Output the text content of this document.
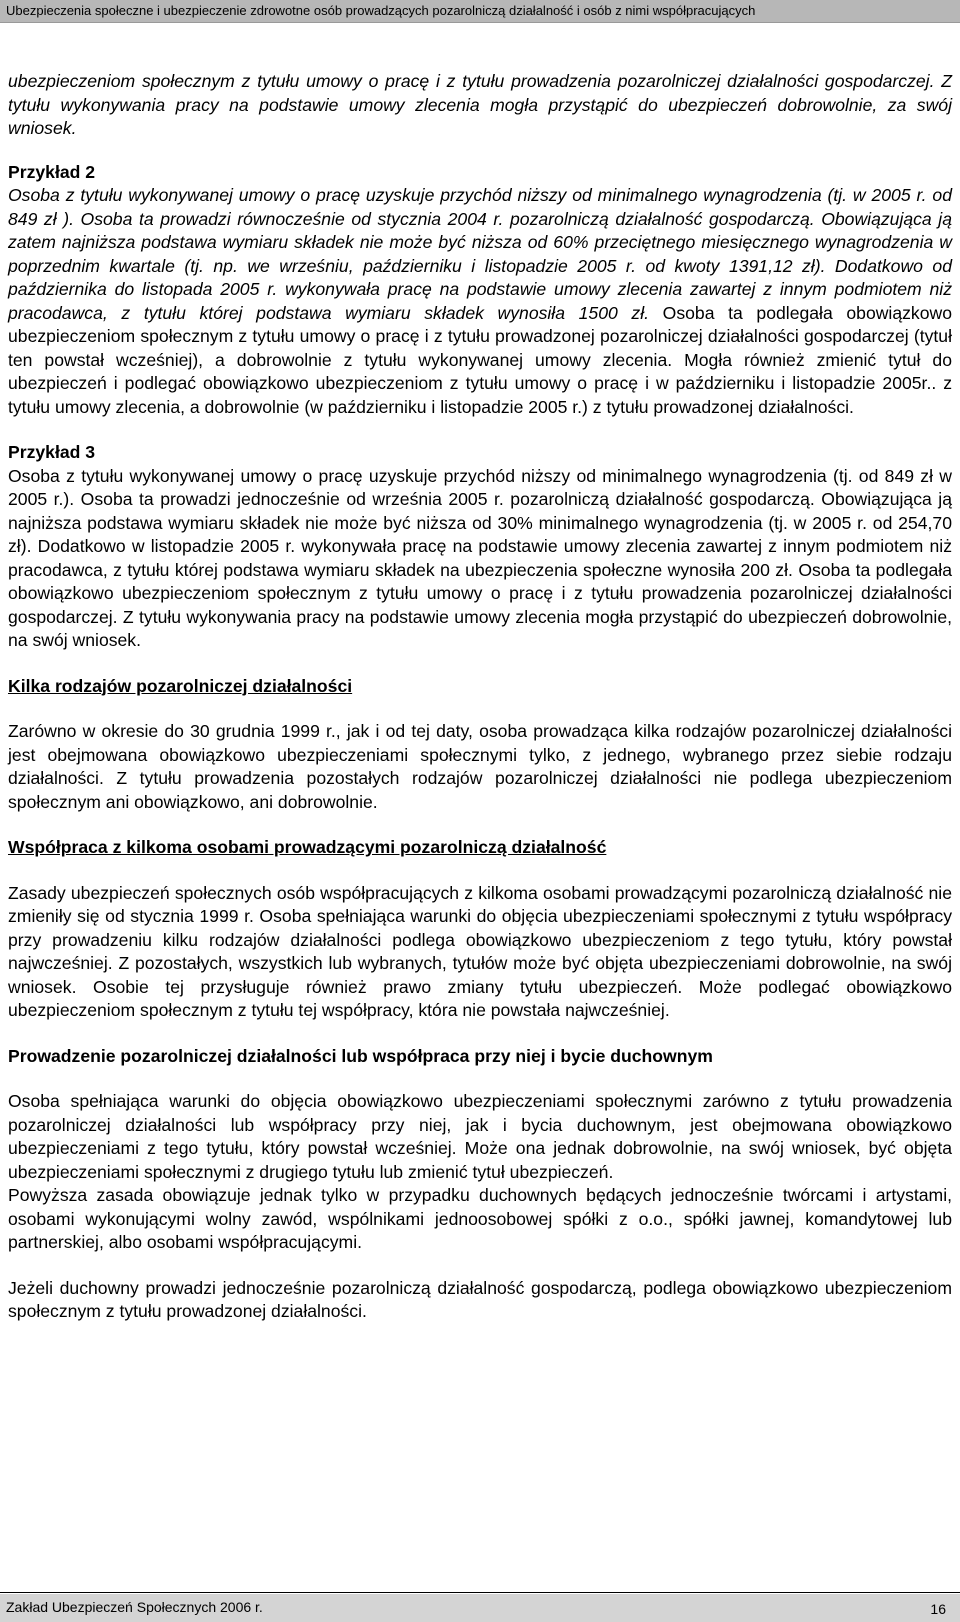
Ubezpieczenia społeczne i ubezpieczenie zdrowotne osób prowadzących pozarolniczą działalność i osób z nimi współpracujących

ubezpieczeniom społecznym z tytułu umowy o pracę i z tytułu prowadzenia pozarolniczej działalności gospodarczej. Z tytułu wykonywania pracy na podstawie umowy zlecenia mogła przystąpić do ubezpieczeń dobrowolnie, za swój wniosek.

Przykład 2

Osoba z tytułu wykonywanej umowy o pracę uzyskuje przychód niższy od minimalnego wynagrodzenia (tj. w 2005 r. od 849 zł ). Osoba ta prowadzi równocześnie od stycznia 2004 r. pozarolniczą działalność gospodarczą. Obowiązująca ją zatem najniższa podstawa wymiaru składek nie może być niższa od 60% przeciętnego miesięcznego wynagrodzenia w poprzednim kwartale (tj. np. we wrześniu, październiku i listopadzie 2005 r. od kwoty 1391,12 zł). Dodatkowo od października do listopada 2005 r. wykonywała pracę na podstawie umowy zlecenia zawartej z innym podmiotem niż pracodawca, z tytułu której podstawa wymiaru składek wynosiła 1500 zł. Osoba ta podlegała obowiązkowo ubezpieczeniom społecznym z tytułu umowy o pracę i z tytułu prowadzonej pozarolniczej działalności gospodarczej (tytuł ten powstał wcześniej), a dobrowolnie z tytułu wykonywanej umowy zlecenia. Mogła również zmienić tytuł do ubezpieczeń i podlegać obowiązkowo ubezpieczeniom z tytułu umowy o pracę i w październiku i listopadzie 2005r.. z tytułu umowy zlecenia, a dobrowolnie (w październiku i listopadzie 2005 r.) z tytułu prowadzonej działalności.

Przykład 3

Osoba z tytułu wykonywanej umowy o pracę uzyskuje przychód niższy od minimalnego wynagrodzenia (tj. od 849 zł w 2005 r.). Osoba ta prowadzi jednocześnie od września 2005 r. pozarolniczą działalność gospodarczą. Obowiązująca ją najniższa podstawa wymiaru składek nie może być niższa od 30% minimalnego wynagrodzenia (tj. w 2005 r. od 254,70 zł). Dodatkowo w listopadzie 2005 r. wykonywała pracę na podstawie umowy zlecenia zawartej z innym podmiotem niż pracodawca, z tytułu której podstawa wymiaru składek na ubezpieczenia społeczne wynosiła 200 zł. Osoba ta podlegała obowiązkowo ubezpieczeniom społecznym z tytułu umowy o pracę i z tytułu prowadzenia pozarolniczej działalności gospodarczej. Z tytułu wykonywania pracy na podstawie umowy zlecenia mogła przystąpić do ubezpieczeń dobrowolnie, na swój wniosek.

Kilka rodzajów pozarolniczej działalności

Zarówno w okresie do 30 grudnia 1999 r., jak i od tej daty, osoba prowadząca kilka rodzajów pozarolniczej działalności jest obejmowana obowiązkowo ubezpieczeniami społecznymi tylko, z jednego, wybranego przez siebie rodzaju działalności. Z tytułu prowadzenia pozostałych rodzajów pozarolniczej działalności nie podlega ubezpieczeniom społecznym ani obowiązkowo, ani dobrowolnie.

Współpraca z kilkoma osobami prowadzącymi pozarolniczą działalność

Zasady ubezpieczeń społecznych osób współpracujących z kilkoma osobami prowadzącymi pozarolniczą działalność nie zmieniły się od stycznia 1999 r. Osoba spełniająca warunki do objęcia ubezpieczeniami społecznymi z tytułu współpracy przy prowadzeniu kilku rodzajów działalności podlega obowiązkowo ubezpieczeniom z tego tytułu, który powstał najwcześniej. Z pozostałych, wszystkich lub wybranych, tytułów może być objęta ubezpieczeniami dobrowolnie, na swój wniosek. Osobie tej przysługuje również prawo zmiany tytułu ubezpieczeń. Może podlegać obowiązkowo ubezpieczeniom społecznym z tytułu tej współpracy, która nie powstała najwcześniej.

Prowadzenie pozarolniczej działalności lub współpraca przy niej i bycie duchownym

Osoba spełniająca warunki do objęcia obowiązkowo ubezpieczeniami społecznymi zarówno z tytułu prowadzenia pozarolniczej działalności lub współpracy przy niej, jak i bycia duchownym, jest obejmowana obowiązkowo ubezpieczeniami z tego tytułu, który powstał wcześniej. Może ona jednak dobrowolnie, na swój wniosek, być objęta ubezpieczeniami społecznymi z drugiego tytułu lub zmienić tytuł ubezpieczeń.

Powyższa zasada obowiązuje jednak tylko w przypadku duchownych będących jednocześnie twórcami i artystami, osobami wykonującymi wolny zawód, wspólnikami jednoosobowej spółki z o.o., spółki jawnej, komandytowej lub partnerskiej, albo osobami współpracującymi.

Jeżeli duchowny prowadzi jednocześnie pozarolniczą działalność gospodarczą, podlega obowiązkowo ubezpieczeniom społecznym z tytułu prowadzonej działalności.

Zakład Ubezpieczeń Społecznych 2006 r.	16
